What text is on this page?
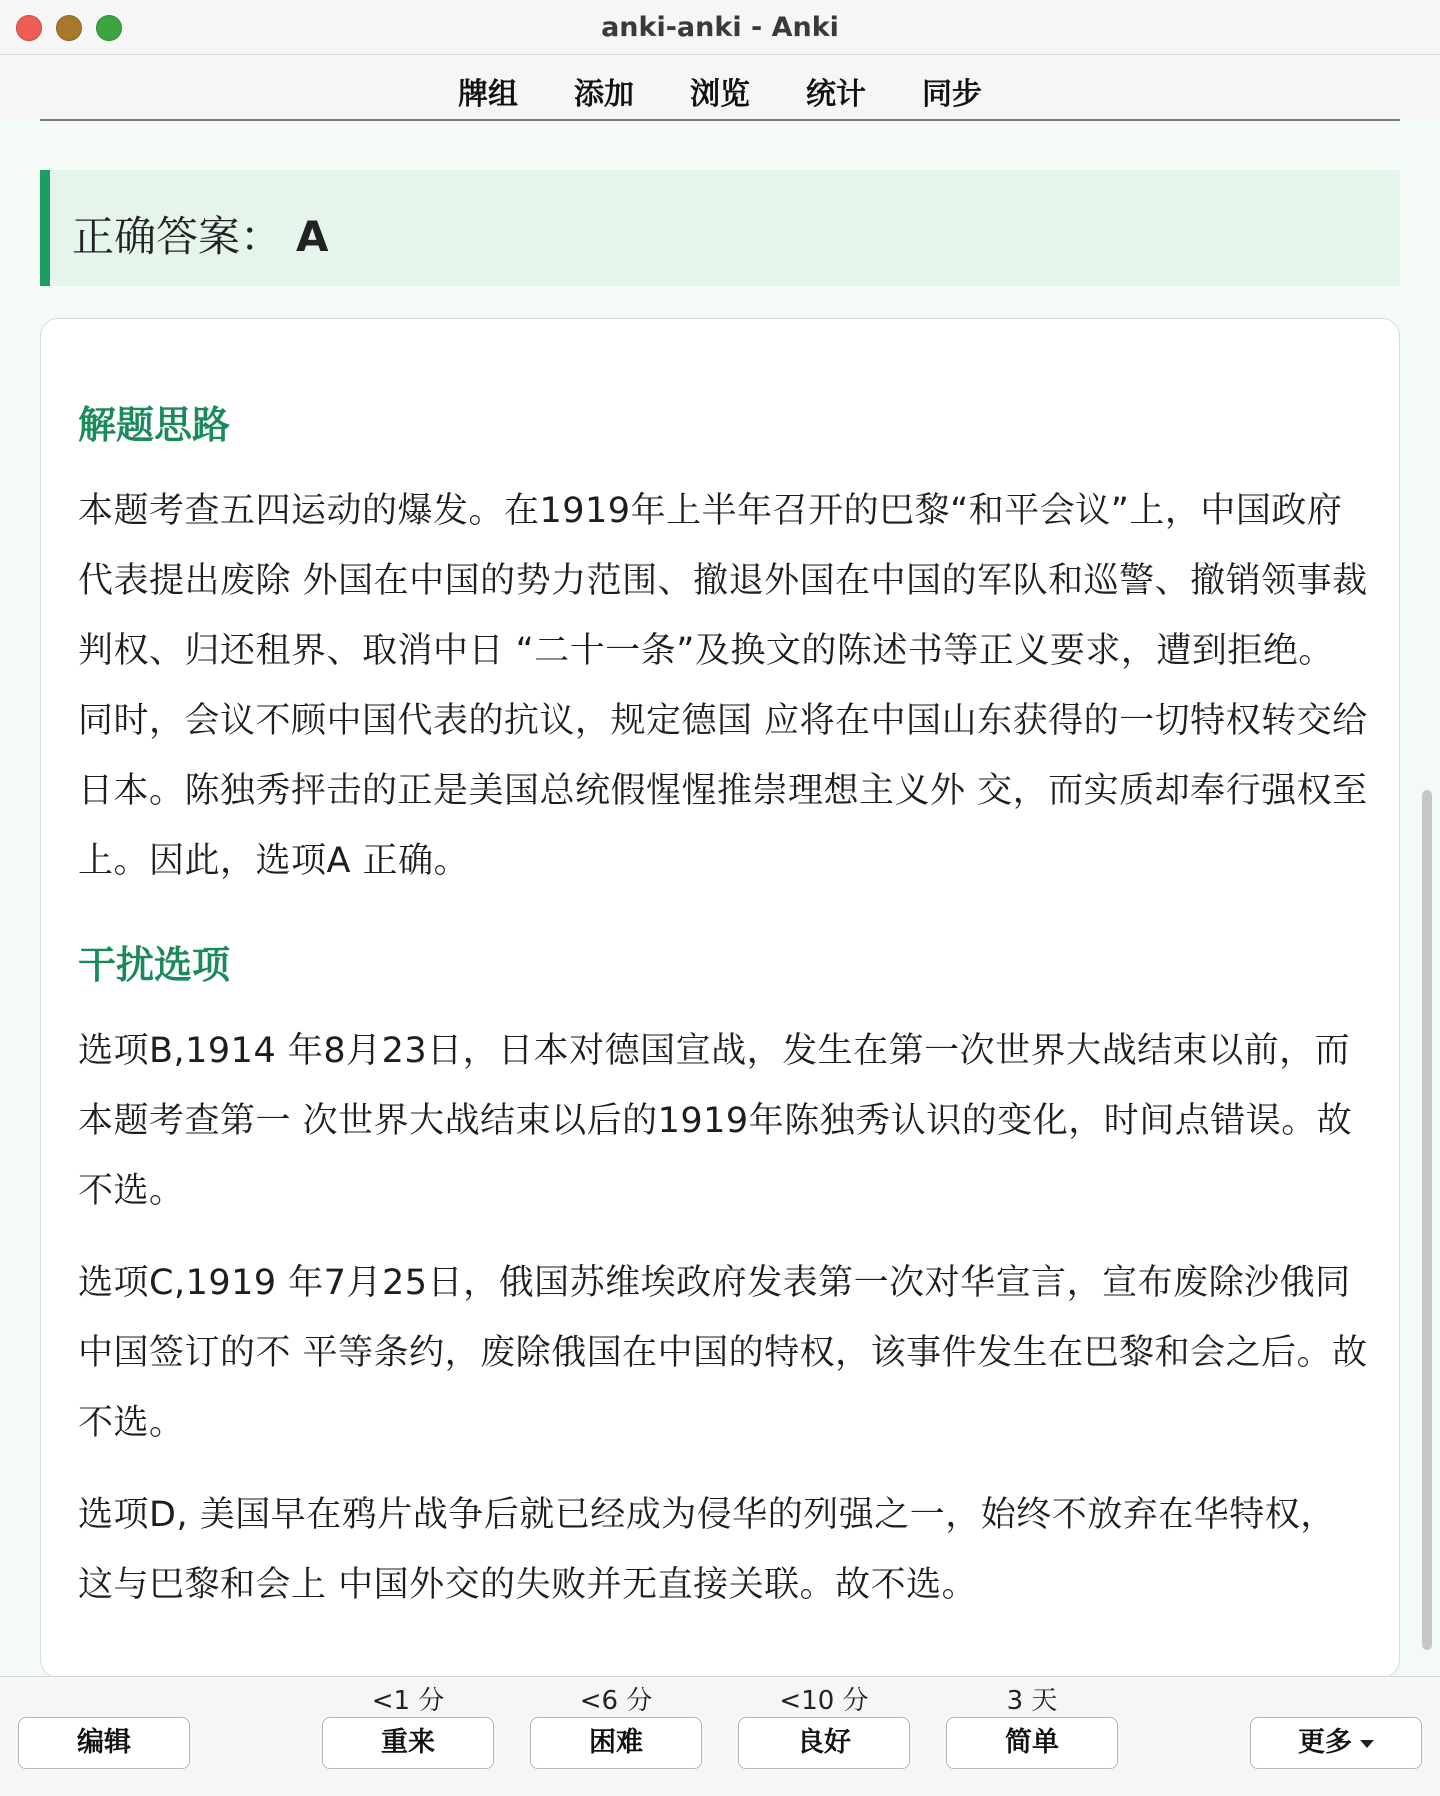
anki-anki - Anki
牌组	添加	浏览	统计	同步
正确答案： A
解题思路
本题考查五四运动的爆发。在1919年上半年召开的巴黎“和平会议”上，中国政府代表提出废除 外国在中国的势力范围、撤退外国在中国的军队和巡警、撤销领事裁判权、归还租界、取消中日 “二十一条”及换文的陈述书等正义要求，遭到拒绝。同时，会议不顾中国代表的抗议，规定德国 应将在中国山东获得的一切特权转交给日本。陈独秀抨击的正是美国总统假惺惺推崇理想主义外 交，而实质却奉行强权至上。因此，选项A 正确。
干扰选项
选项B,1914 年8月23日，日本对德国宣战，发生在第一次世界大战结束以前，而本题考查第一 次世界大战结束以后的1919年陈独秀认识的变化，时间点错误。故不选。
选项C,1919 年7月25日，俄国苏维埃政府发表第一次对华宣言，宣布废除沙俄同中国签订的不 平等条约，废除俄国在中国的特权，该事件发生在巴黎和会之后。故不选。
选项D, 美国早在鸦片战争后就已经成为侵华的列强之一，始终不放弃在华特权，这与巴黎和会上 中国外交的失败并无直接关联。故不选。
编辑
<1 分
重来
<6 分
困难
<10 分
良好
3 天
简单	更多
